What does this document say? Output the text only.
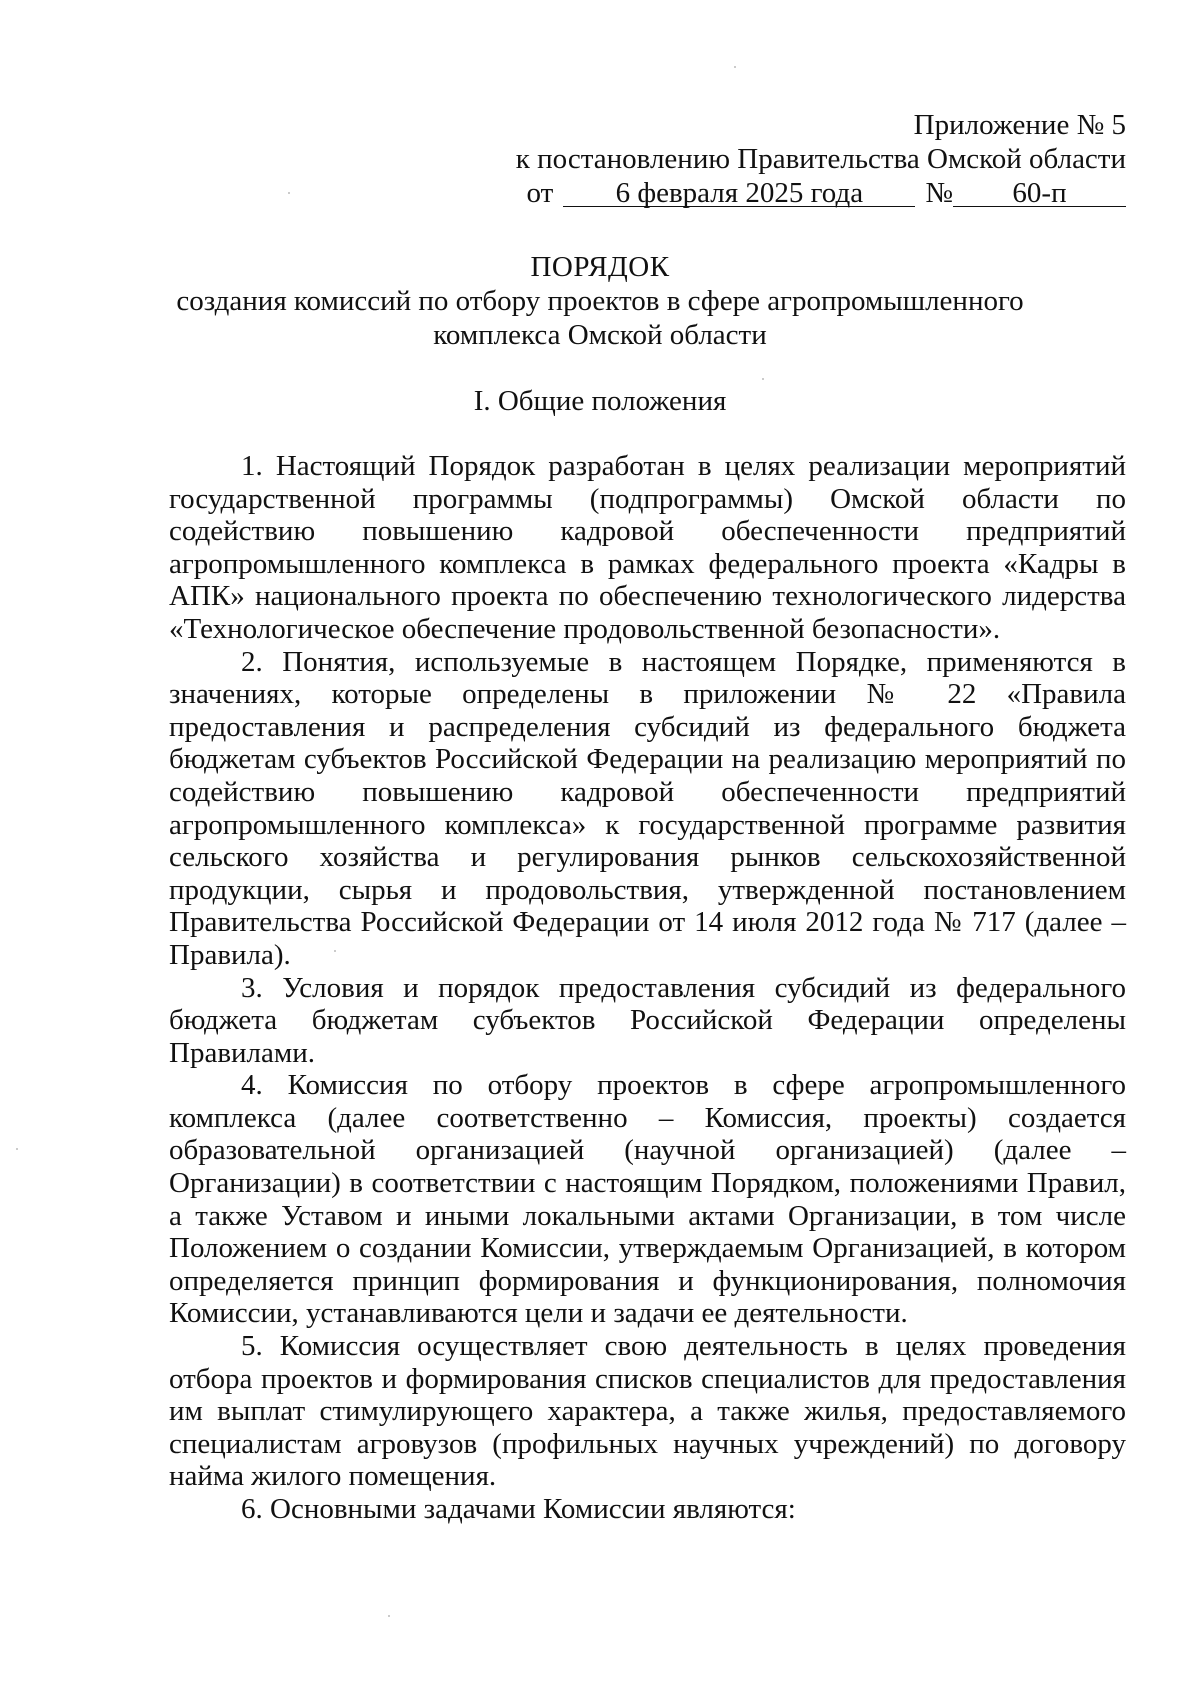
Приложение № 5
к постановлению Правительства Омской области
от 6 февраля 2025 года № 60-п
ПОРЯДОК
создания комиссий по отбору проектов в сфере агропромышленного комплекса Омской области
I. Общие положения

1. Настоящий Порядок разработан в целях реализации мероприятий государственной программы (подпрограммы) Омской области по содействию повышению кадровой обеспеченности предприятий агропромышленного комплекса в рамках федерального проекта «Кадры в АПК» национального проекта по обеспечению технологического лидерства «Технологическое обеспечение продовольственной безопасности».

2. Понятия, используемые в настоящем Порядке, применяются в значениях, которые определены в приложении № 22 «Правила предоставления и распределения субсидий из федерального бюджета бюджетам субъектов Российской Федерации на реализацию мероприятий по содействию повышению кадровой обеспеченности предприятий агропромышленного комплекса» к государственной программе развития сельского хозяйства и регулирования рынков сельскохозяйственной продукции, сырья и продовольствия, утвержденной постановлением Правительства Российской Федерации от 14 июля 2012 года № 717 (далее – Правила).

3. Условия и порядок предоставления субсидий из федерального бюджета бюджетам субъектов Российской Федерации определены Правилами.

4. Комиссия по отбору проектов в сфере агропромышленного комплекса (далее соответственно – Комиссия, проекты) создается образовательной организацией (научной организацией) (далее – Организации) в соответствии с настоящим Порядком, положениями Правил, а также Уставом и иными локальными актами Организации, в том числе Положением о создании Комиссии, утверждаемым Организацией, в котором определяется принцип формирования и функционирования, полномочия Комиссии, устанавливаются цели и задачи ее деятельности.

5. Комиссия осуществляет свою деятельность в целях проведения отбора проектов и формирования списков специалистов для предоставления им выплат стимулирующего характера, а также жилья, предоставляемого специалистам агровузов (профильных научных учреждений) по договору найма жилого помещения.

6. Основными задачами Комиссии являются:
